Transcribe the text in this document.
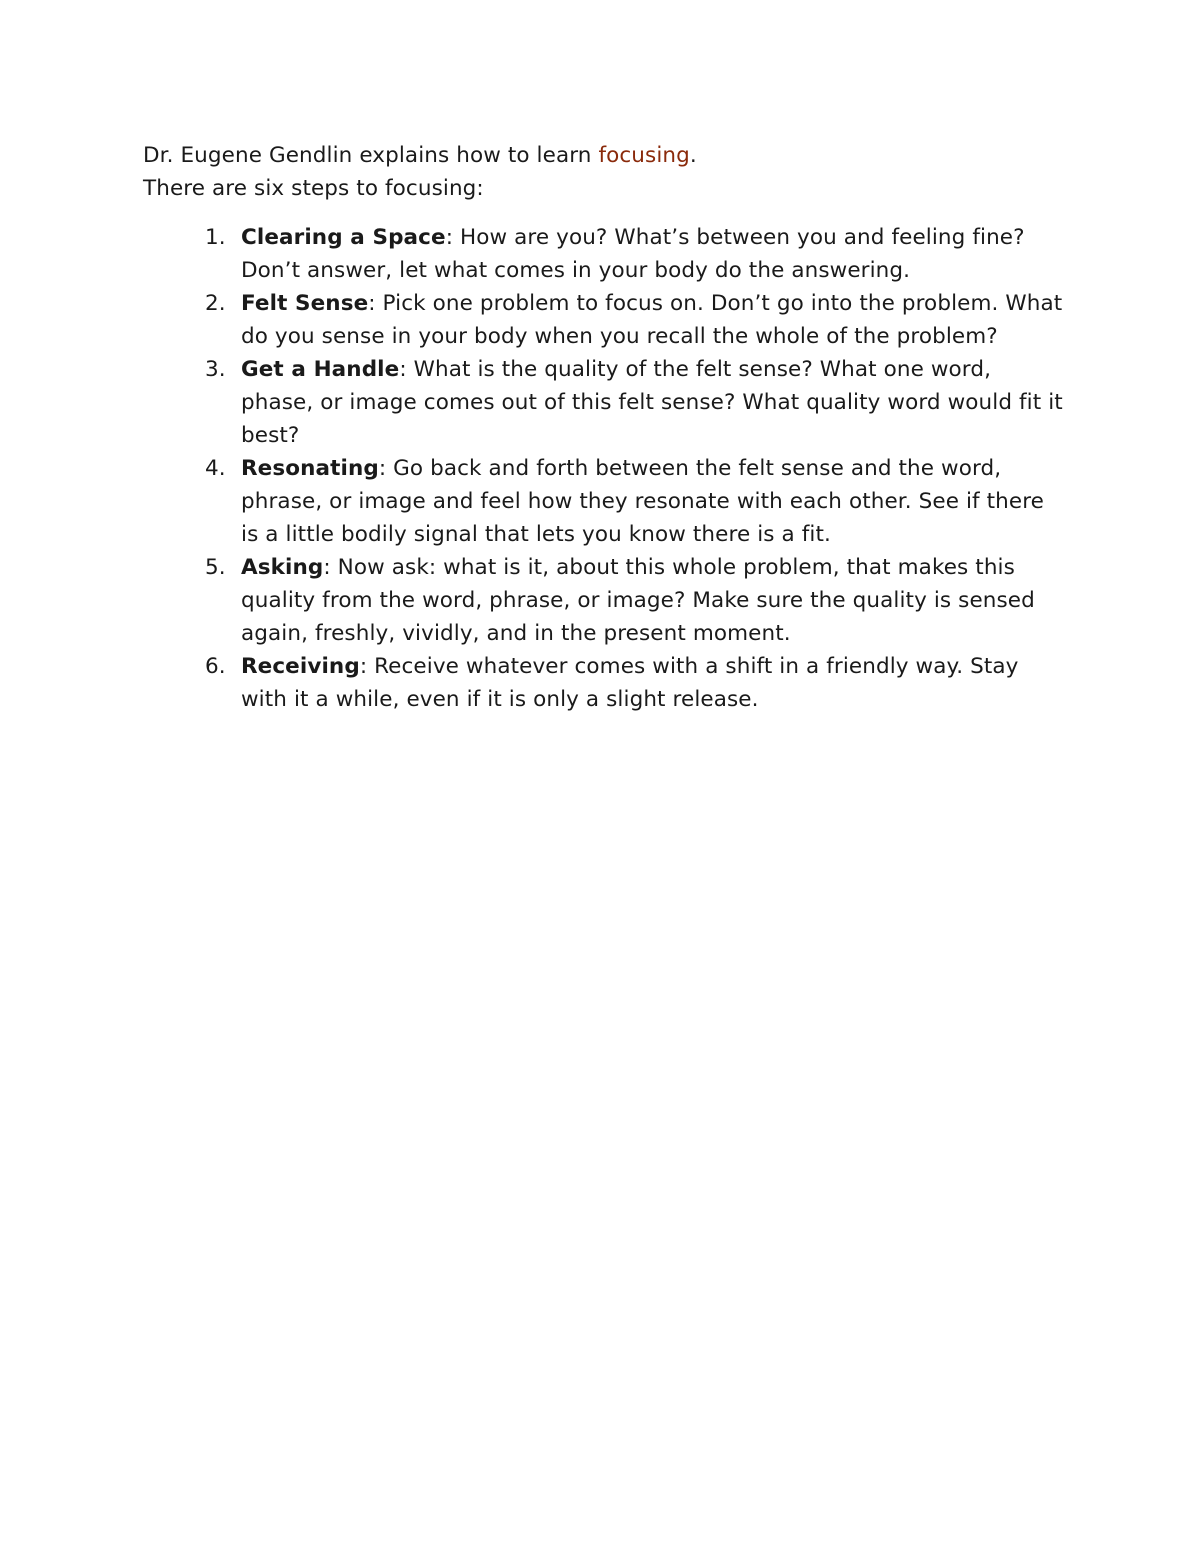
Dr. Eugene Gendlin explains how to learn focusing.

There are six steps to focusing:

1. Clearing a Space: How are you? What’s between you and feeling fine? Don’t answer, let what comes in your body do the answering.
2. Felt Sense: Pick one problem to focus on. Don’t go into the problem. What do you sense in your body when you recall the whole of the problem?
3. Get a Handle: What is the quality of the felt sense? What one word, phase, or image comes out of this felt sense? What quality word would fit it best?
4. Resonating: Go back and forth between the felt sense and the word, phrase, or image and feel how they resonate with each other. See if there is a little bodily signal that lets you know there is a fit.
5. Asking: Now ask: what is it, about this whole problem, that makes this quality from the word, phrase, or image? Make sure the quality is sensed again, freshly, vividly, and in the present moment.
6. Receiving: Receive whatever comes with a shift in a friendly way. Stay with it a while, even if it is only a slight release.
